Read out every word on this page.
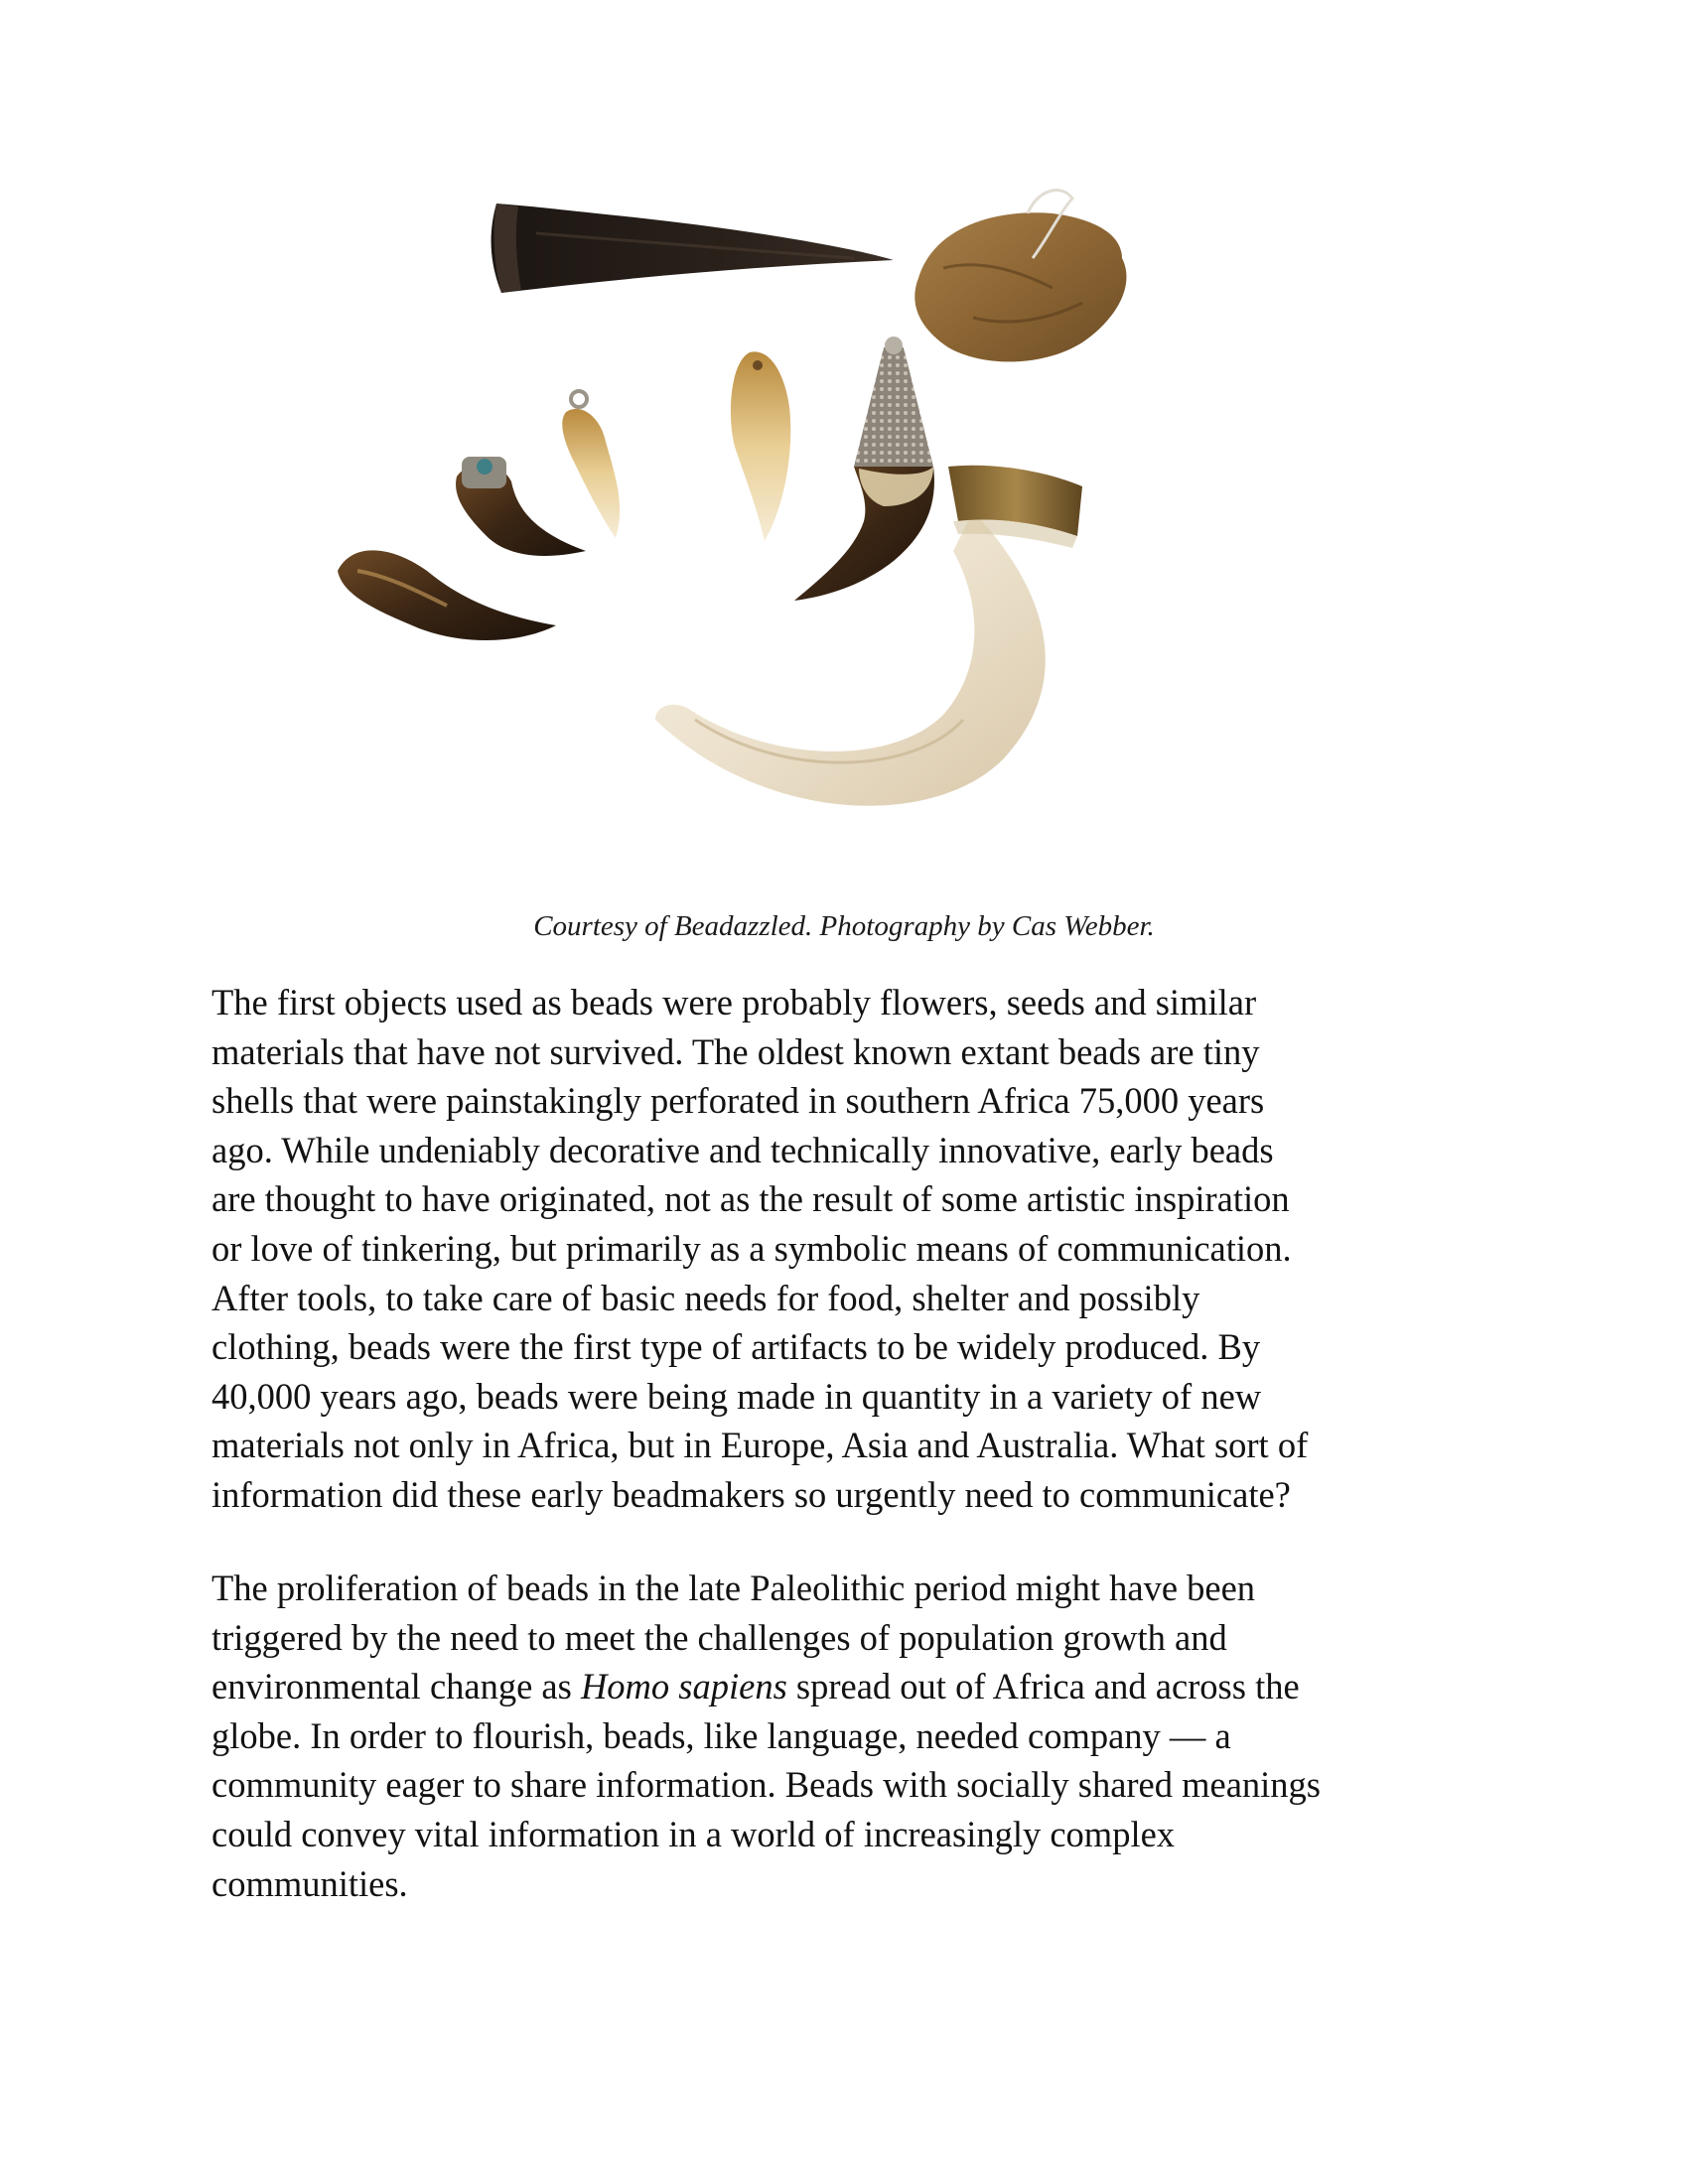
Courtesy of Beadazzled. Photography by Cas Webber.

The first objects used as beads were probably flowers, seeds and similar
materials that have not survived. The oldest known extant beads are tiny
shells that were painstakingly perforated in southern Africa 75,000 years
ago. While undeniably decorative and technically innovative, early beads
are thought to have originated, not as the result of some artistic inspiration
or love of tinkering, but primarily as a symbolic means of communication.
After tools, to take care of basic needs for food, shelter and possibly
clothing, beads were the first type of artifacts to be widely produced. By
40,000 years ago, beads were being made in quantity in a variety of new
materials not only in Africa, but in Europe, Asia and Australia. What sort of
information did these early beadmakers so urgently need to communicate?

The proliferation of beads in the late Paleolithic period might have been
triggered by the need to meet the challenges of population growth and
environmental change as Homo sapiens spread out of Africa and across the
globe. In order to flourish, beads, like language, needed company — a
community eager to share information. Beads with socially shared meanings
could convey vital information in a world of increasingly complex
communities.
